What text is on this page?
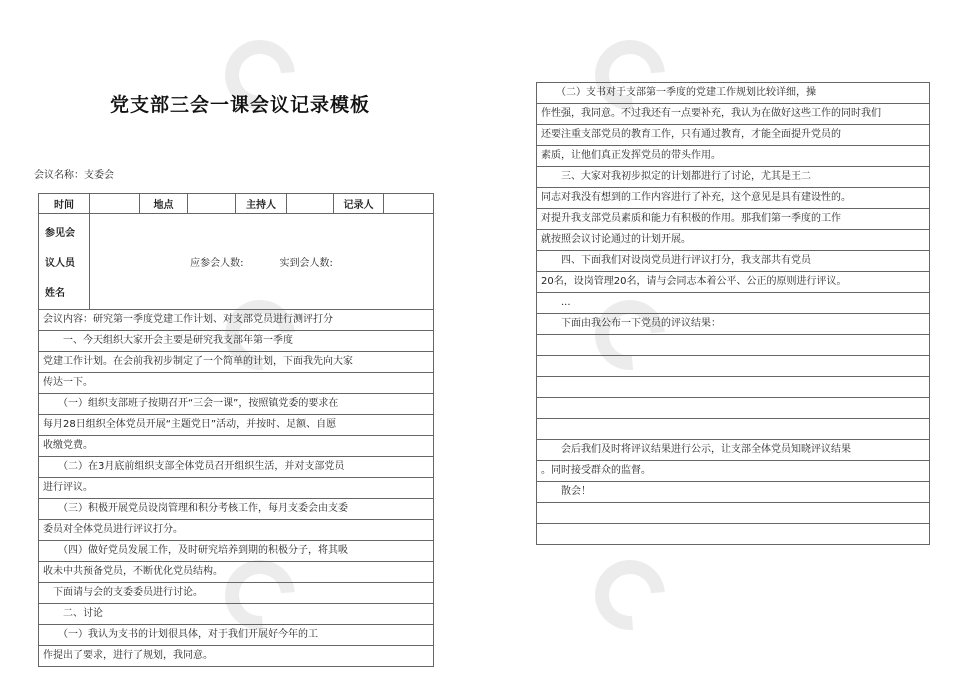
党支部三会一课会议记录模板
会议名称：支委会
时间	地点	主持人	记录人
参见会
议人员
姓名
应参会人数:	实到会人数:
会议内容：研究第一季度党建工作计划、对支部党员进行测评打分
　　一、今天组织大家开会主要是研究我支部年第一季度
党建工作计划。在会前我初步制定了一个简单的计划，下面我先向大家
传达一下。
　　（一）组织支部班子按期召开“三会一课”，按照镇党委的要求在
每月28日组织全体党员开展“主题党日”活动，并按时、足额、自愿
收缴党费。
　　（二）在3月底前组织支部全体党员召开组织生活，并对支部党员
进行评议。
　　（三）积极开展党员设岗管理和积分考核工作，每月支委会由支委
委员对全体党员进行评议打分。
　　（四）做好党员发展工作，及时研究培养到期的积极分子，将其吸
收未中共预备党员，不断优化党员结构。
　下面请与会的支委委员进行讨论。
　　二、讨论
　　（一）我认为支书的计划很具体，对于我们开展好今年的工
作提出了要求，进行了规划，我同意。
　　（二）支书对于支部第一季度的党建工作规划比较详细，操
作性强，我同意。不过我还有一点要补充，我认为在做好这些工作的同时我们
还要注重支部党员的教育工作，只有通过教育，才能全面提升党员的
素质，让他们真正发挥党员的带头作用。
　　三、大家对我初步拟定的计划都进行了讨论，尤其是王二
同志对我没有想到的工作内容进行了补充，这个意见是具有建设性的。
对提升我支部党员素质和能力有积极的作用。那我们第一季度的工作
就按照会议讨论通过的计划开展。
　　四、下面我们对设岗党员进行评议打分，我支部共有党员
20名，设岗管理20名，请与会同志本着公平、公正的原则进行评议。
　　...
　　下面由我公布一下党员的评议结果：
　　会后我们及时将评议结果进行公示，让支部全体党员知晓评议结果
。同时接受群众的监督。
　　散会！
